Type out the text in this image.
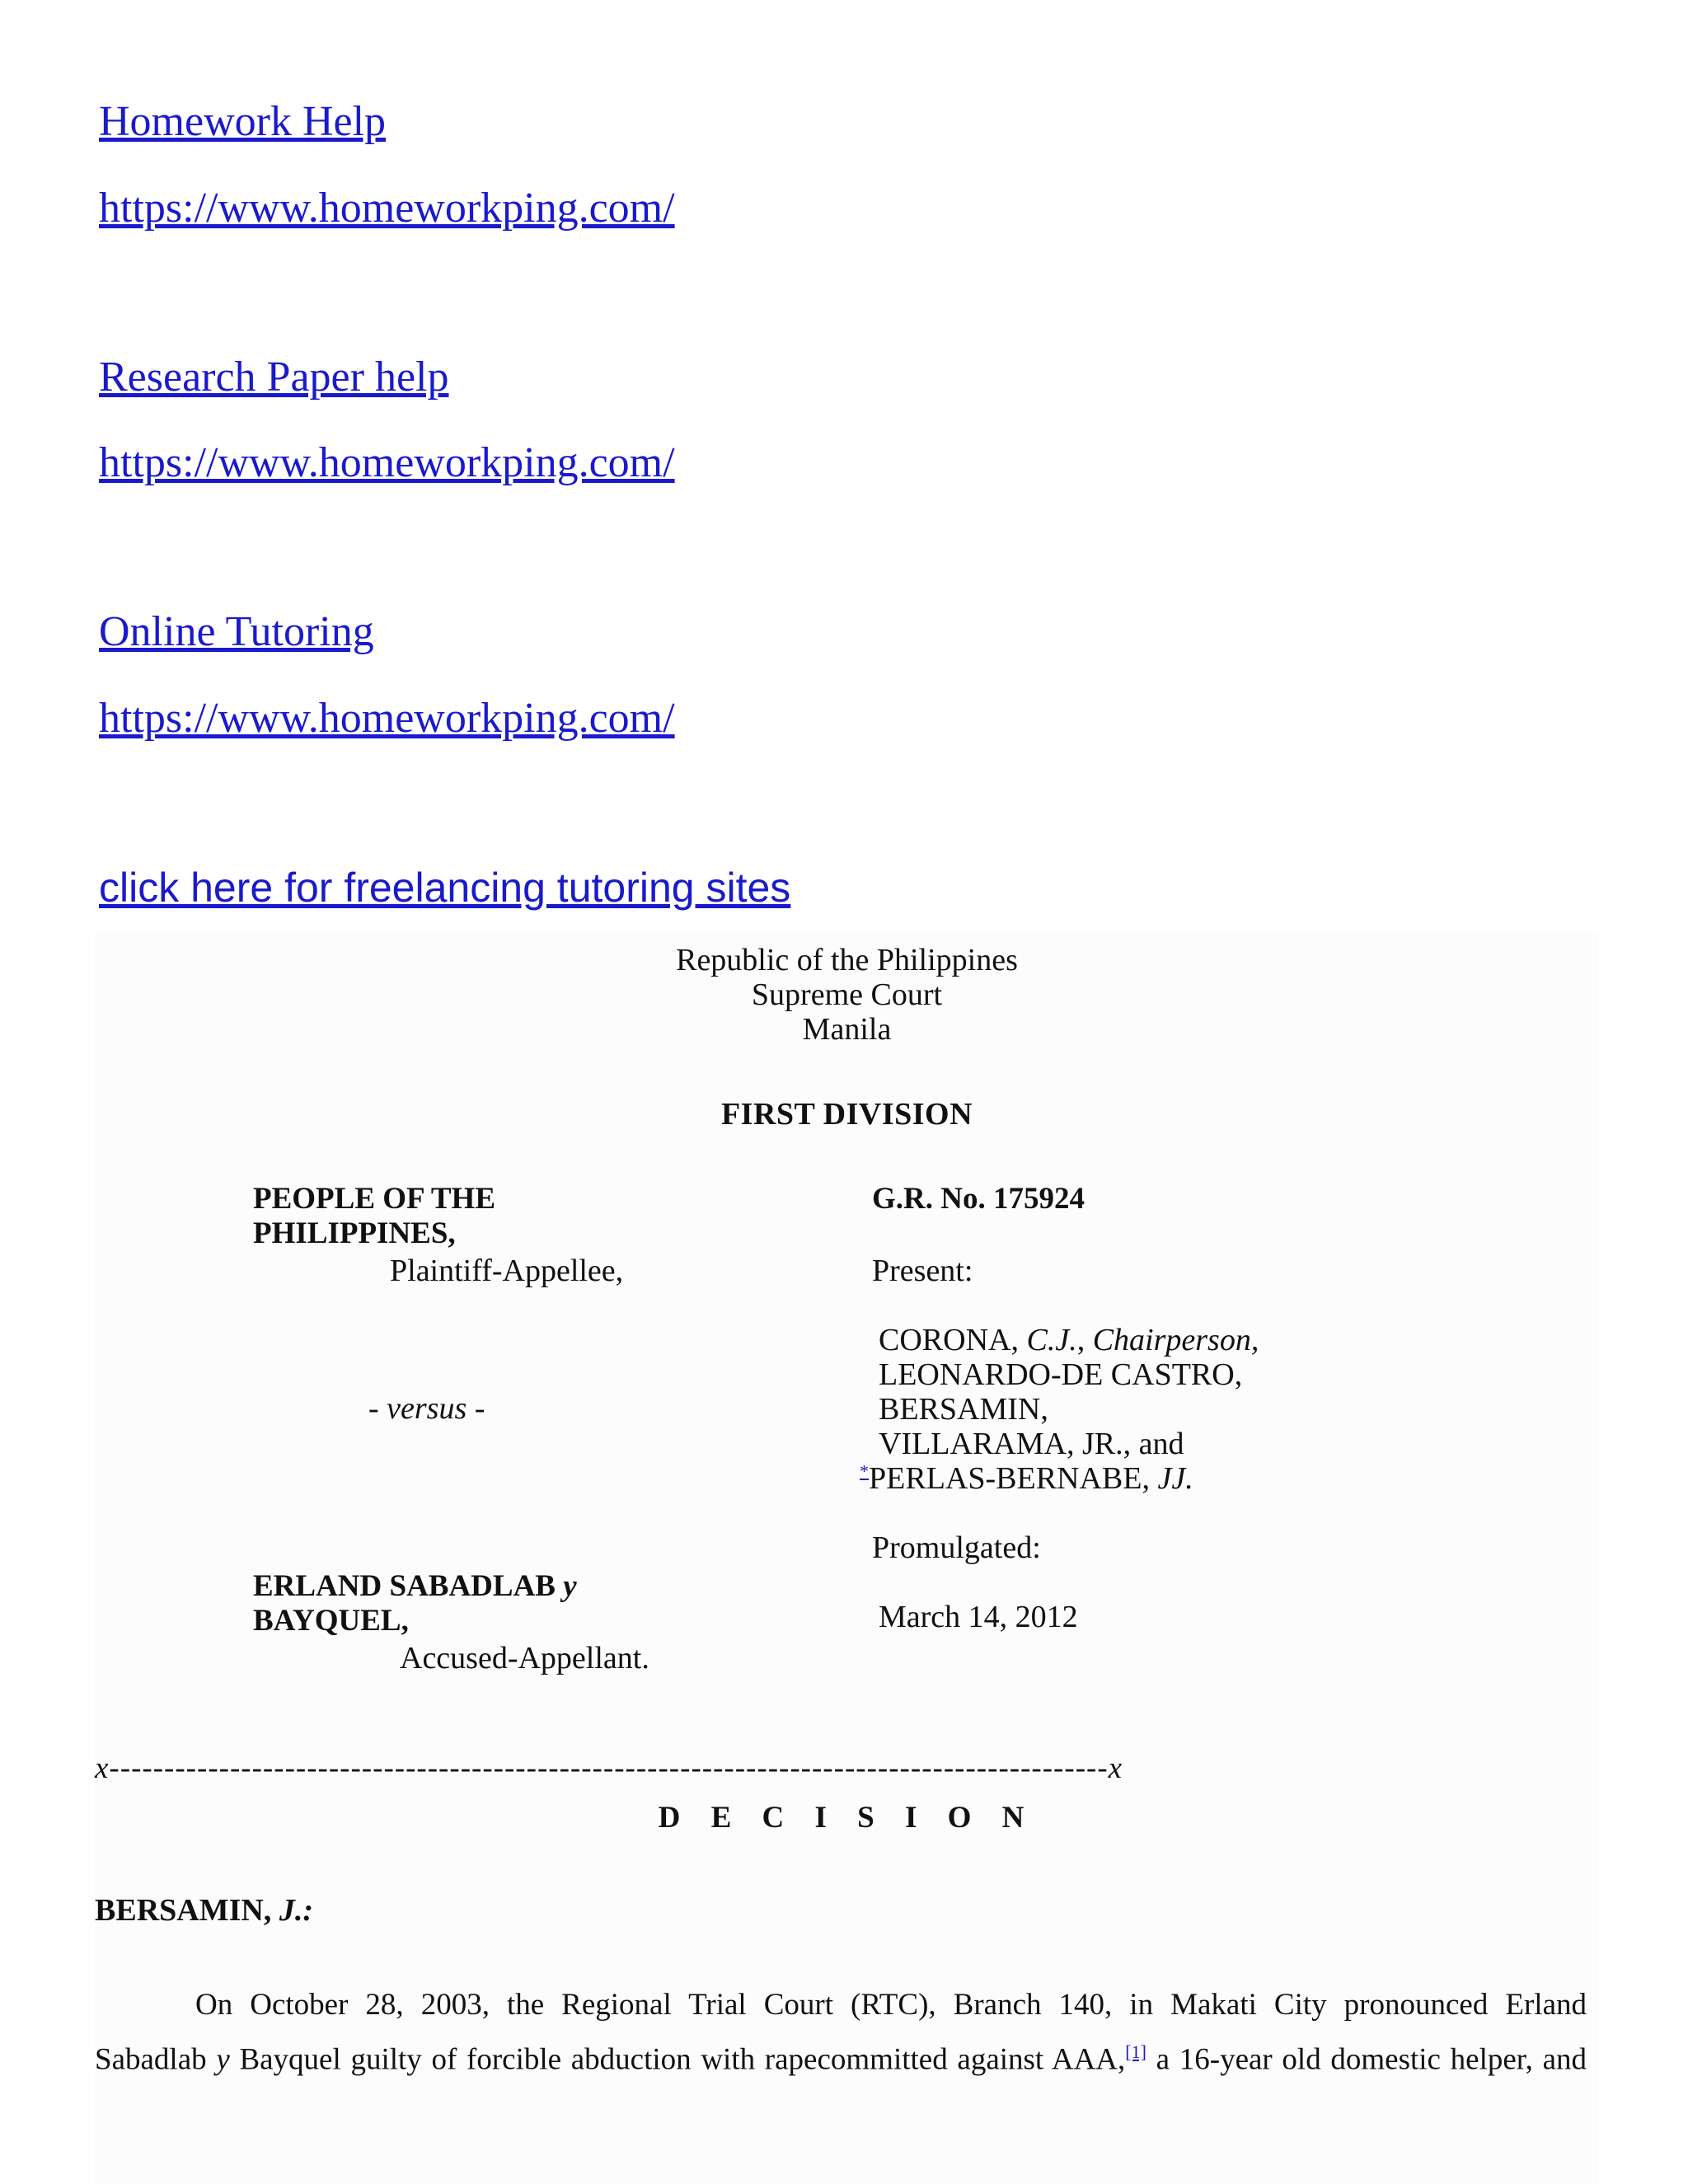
Homework Help
https://www.homeworkping.com/
Research Paper help
https://www.homeworkping.com/
Online Tutoring
https://www.homeworkping.com/
click here for freelancing tutoring sites
Republic of the Philippines
Supreme Court
Manila
FIRST DIVISION
PEOPLE OF THE
PHILIPPINES,
Plaintiff-Appellee,
- versus -
ERLAND SABADLAB y
BAYQUEL,
Accused-Appellant.
G.R. No. 175924
Present:
CORONA, C.J., Chairperson,
LEONARDO-DE CASTRO,
BERSAMIN,
VILLARAMA, JR., and
*PERLAS-BERNABE, JJ.
Promulgated:
March 14, 2012
x-------------------------------------------------------------------------------------------x
D E C I S I O N
BERSAMIN, J.:
On October 28, 2003, the Regional Trial Court (RTC), Branch 140, in Makati City pronounced Erland
Sabadlab y Bayquel guilty of forcible abduction with rapecommitted against AAA,[1] a 16-year old domestic helper, and
